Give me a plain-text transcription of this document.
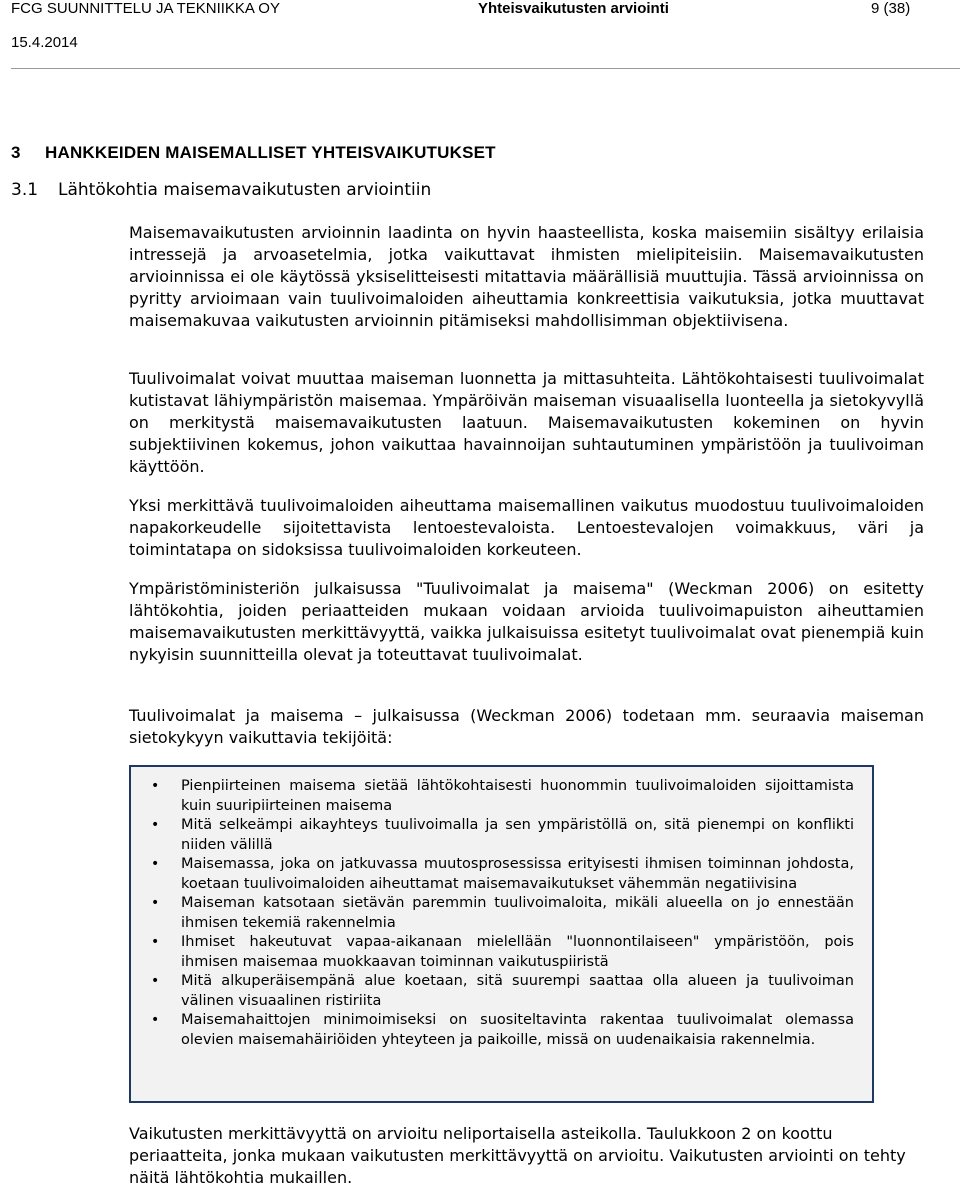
FCG SUUNNITTELU JA TEKNIIKKA OY	Yhteisvaikutusten arviointi	9 (38)
15.4.2014
3 HANKKEIDEN MAISEMALLISET YHTEISVAIKUTUKSET
3.1 Lähtökohtia maisemavaikutusten arviointiin

Maisemavaikutusten arvioinnin laadinta on hyvin haasteellista, koska maisemiin sisältyy erilaisia intressejä ja arvoasetelmia, jotka vaikuttavat ihmisten mielipiteisiin. Maisemavaikutusten arvioinnissa ei ole käytössä yksiselitteisesti mitattavia määrällisiä muuttujia. Tässä arvioinnissa on pyritty arvioimaan vain tuulivoimaloiden aiheuttamia konkreettisia vaikutuksia, jotka muuttavat maisemakuvaa vaikutusten arvioinnin pitämiseksi mahdollisimman objektiivisena.

Tuulivoimalat voivat muuttaa maiseman luonnetta ja mittasuhteita. Lähtökohtaisesti tuulivoimalat kutistavat lähiympäristön maisemaa. Ympäröivän maiseman visuaalisella luonteella ja sietokyvyllä on merkitystä maisemavaikutusten laatuun. Maisemavaikutusten kokeminen on hyvin subjektiivinen kokemus, johon vaikuttaa havainnoijan suhtautuminen ympäristöön ja tuulivoiman käyttöön.

Yksi merkittävä tuulivoimaloiden aiheuttama maisemallinen vaikutus muodostuu tuulivoimaloiden napakorkeudelle sijoitettavista lentoestevaloista. Lentoestevalojen voimakkuus, väri ja toimintatapa on sidoksissa tuulivoimaloiden korkeuteen.

Ympäristöministeriön julkaisussa "Tuulivoimalat ja maisema" (Weckman 2006) on esitetty lähtökohtia, joiden periaatteiden mukaan voidaan arvioida tuulivoimapuiston aiheuttamien maisemavaikutusten merkittävyyttä, vaikka julkaisuissa esitetyt tuulivoimalat ovat pienempiä kuin nykyisin suunnitteilla olevat ja toteuttavat tuulivoimalat.

Tuulivoimalat ja maisema – julkaisussa (Weckman 2006) todetaan mm. seuraavia maiseman sietokykyyn vaikuttavia tekijöitä:

• Pienpiirteinen maisema sietää lähtökohtaisesti huonommin tuulivoimaloiden sijoittamista kuin suuripiirteinen maisema
• Mitä selkeämpi aikayhteys tuulivoimalla ja sen ympäristöllä on, sitä pienempi on konflikti niiden välillä
• Maisemassa, joka on jatkuvassa muutosprosessissa erityisesti ihmisen toiminnan johdosta, koetaan tuulivoimaloiden aiheuttamat maisemavaikutukset vähemmän negatiivisina
• Maiseman katsotaan sietävän paremmin tuulivoimaloita, mikäli alueella on jo ennestään ihmisen tekemiä rakennelmia
• Ihmiset hakeutuvat vapaa-aikanaan mielellään "luonnontilaiseen" ympäristöön, pois ihmisen maisemaa muokkaavan toiminnan vaikutuspiiristä
• Mitä alkuperäisempänä alue koetaan, sitä suurempi saattaa olla alueen ja tuulivoiman välinen visuaalinen ristiriita
• Maisemahaittojen minimoimiseksi on suositeltavinta rakentaa tuulivoimalat olemassa olevien maisemahäiriöiden yhteyteen ja paikoille, missä on uudenaikaisia rakennelmia.

Vaikutusten merkittävyyttä on arvioitu neliportaisella asteikolla. Taulukkoon 2 on koottu periaatteita, jonka mukaan vaikutusten merkittävyyttä on arvioitu. Vaikutusten arviointi on tehty näitä lähtökohtia mukaillen.
